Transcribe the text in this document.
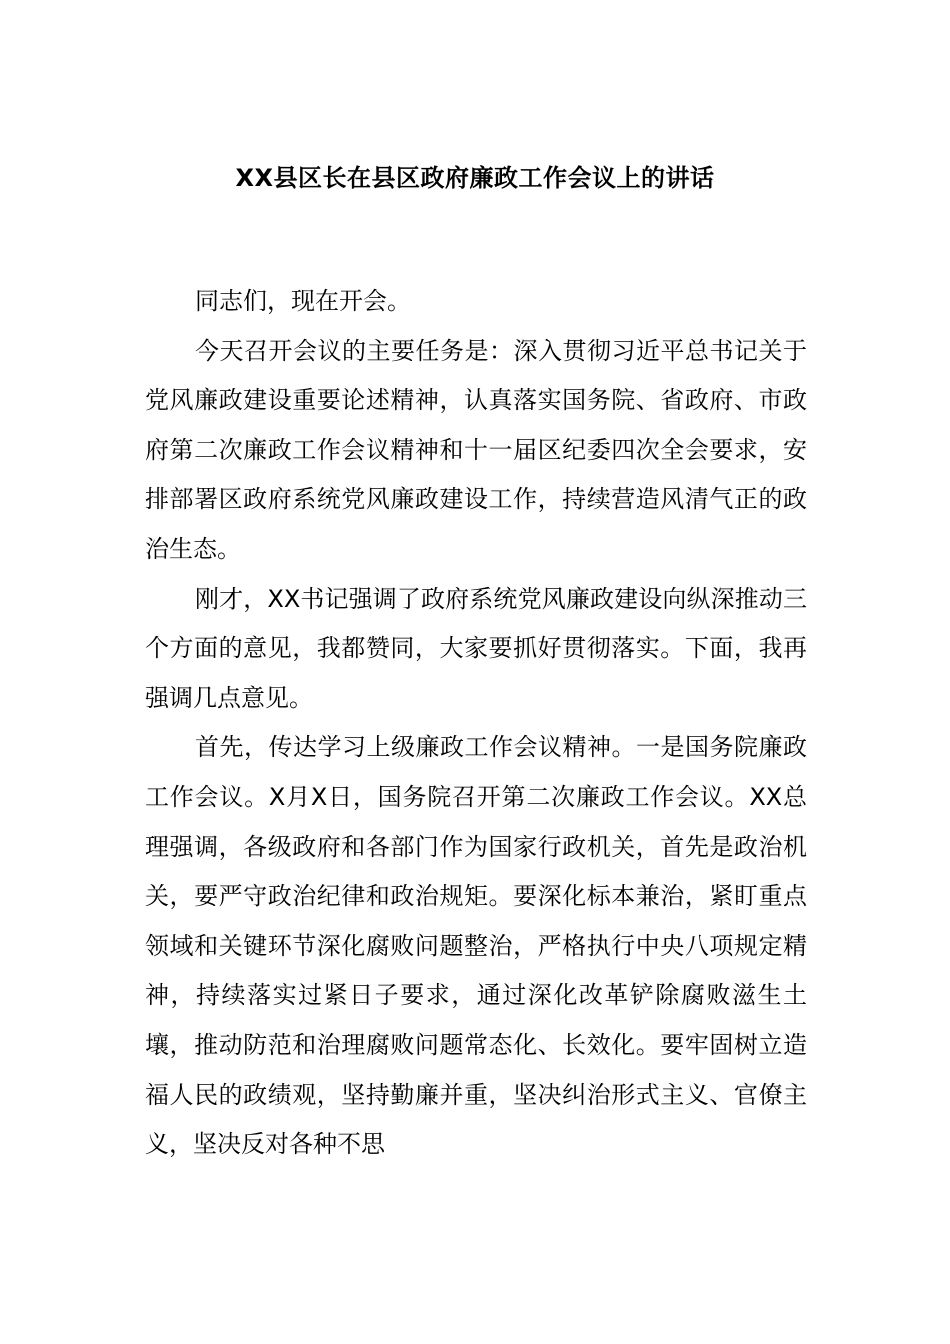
XX县区长在县区政府廉政工作会议上的讲话

同志们，现在开会。

今天召开会议的主要任务是：深入贯彻习近平总书记关于党风廉政建设重要论述精神，认真落实国务院、省政府、市政府第二次廉政工作会议精神和十一届区纪委四次全会要求，安排部署区政府系统党风廉政建设工作，持续营造风清气正的政治生态。

刚才，XX书记强调了政府系统党风廉政建设向纵深推动三个方面的意见，我都赞同，大家要抓好贯彻落实。下面，我再强调几点意见。

首先，传达学习上级廉政工作会议精神。一是国务院廉政工作会议。X月X日，国务院召开第二次廉政工作会议。XX总理强调，各级政府和各部门作为国家行政机关，首先是政治机关，要严守政治纪律和政治规矩。要深化标本兼治，紧盯重点领域和关键环节深化腐败问题整治，严格执行中央八项规定精神，持续落实过紧日子要求，通过深化改革铲除腐败滋生土壤，推动防范和治理腐败问题常态化、长效化。要牢固树立造福人民的政绩观，坚持勤廉并重，坚决纠治形式主义、官僚主义，坚决反对各种不思
